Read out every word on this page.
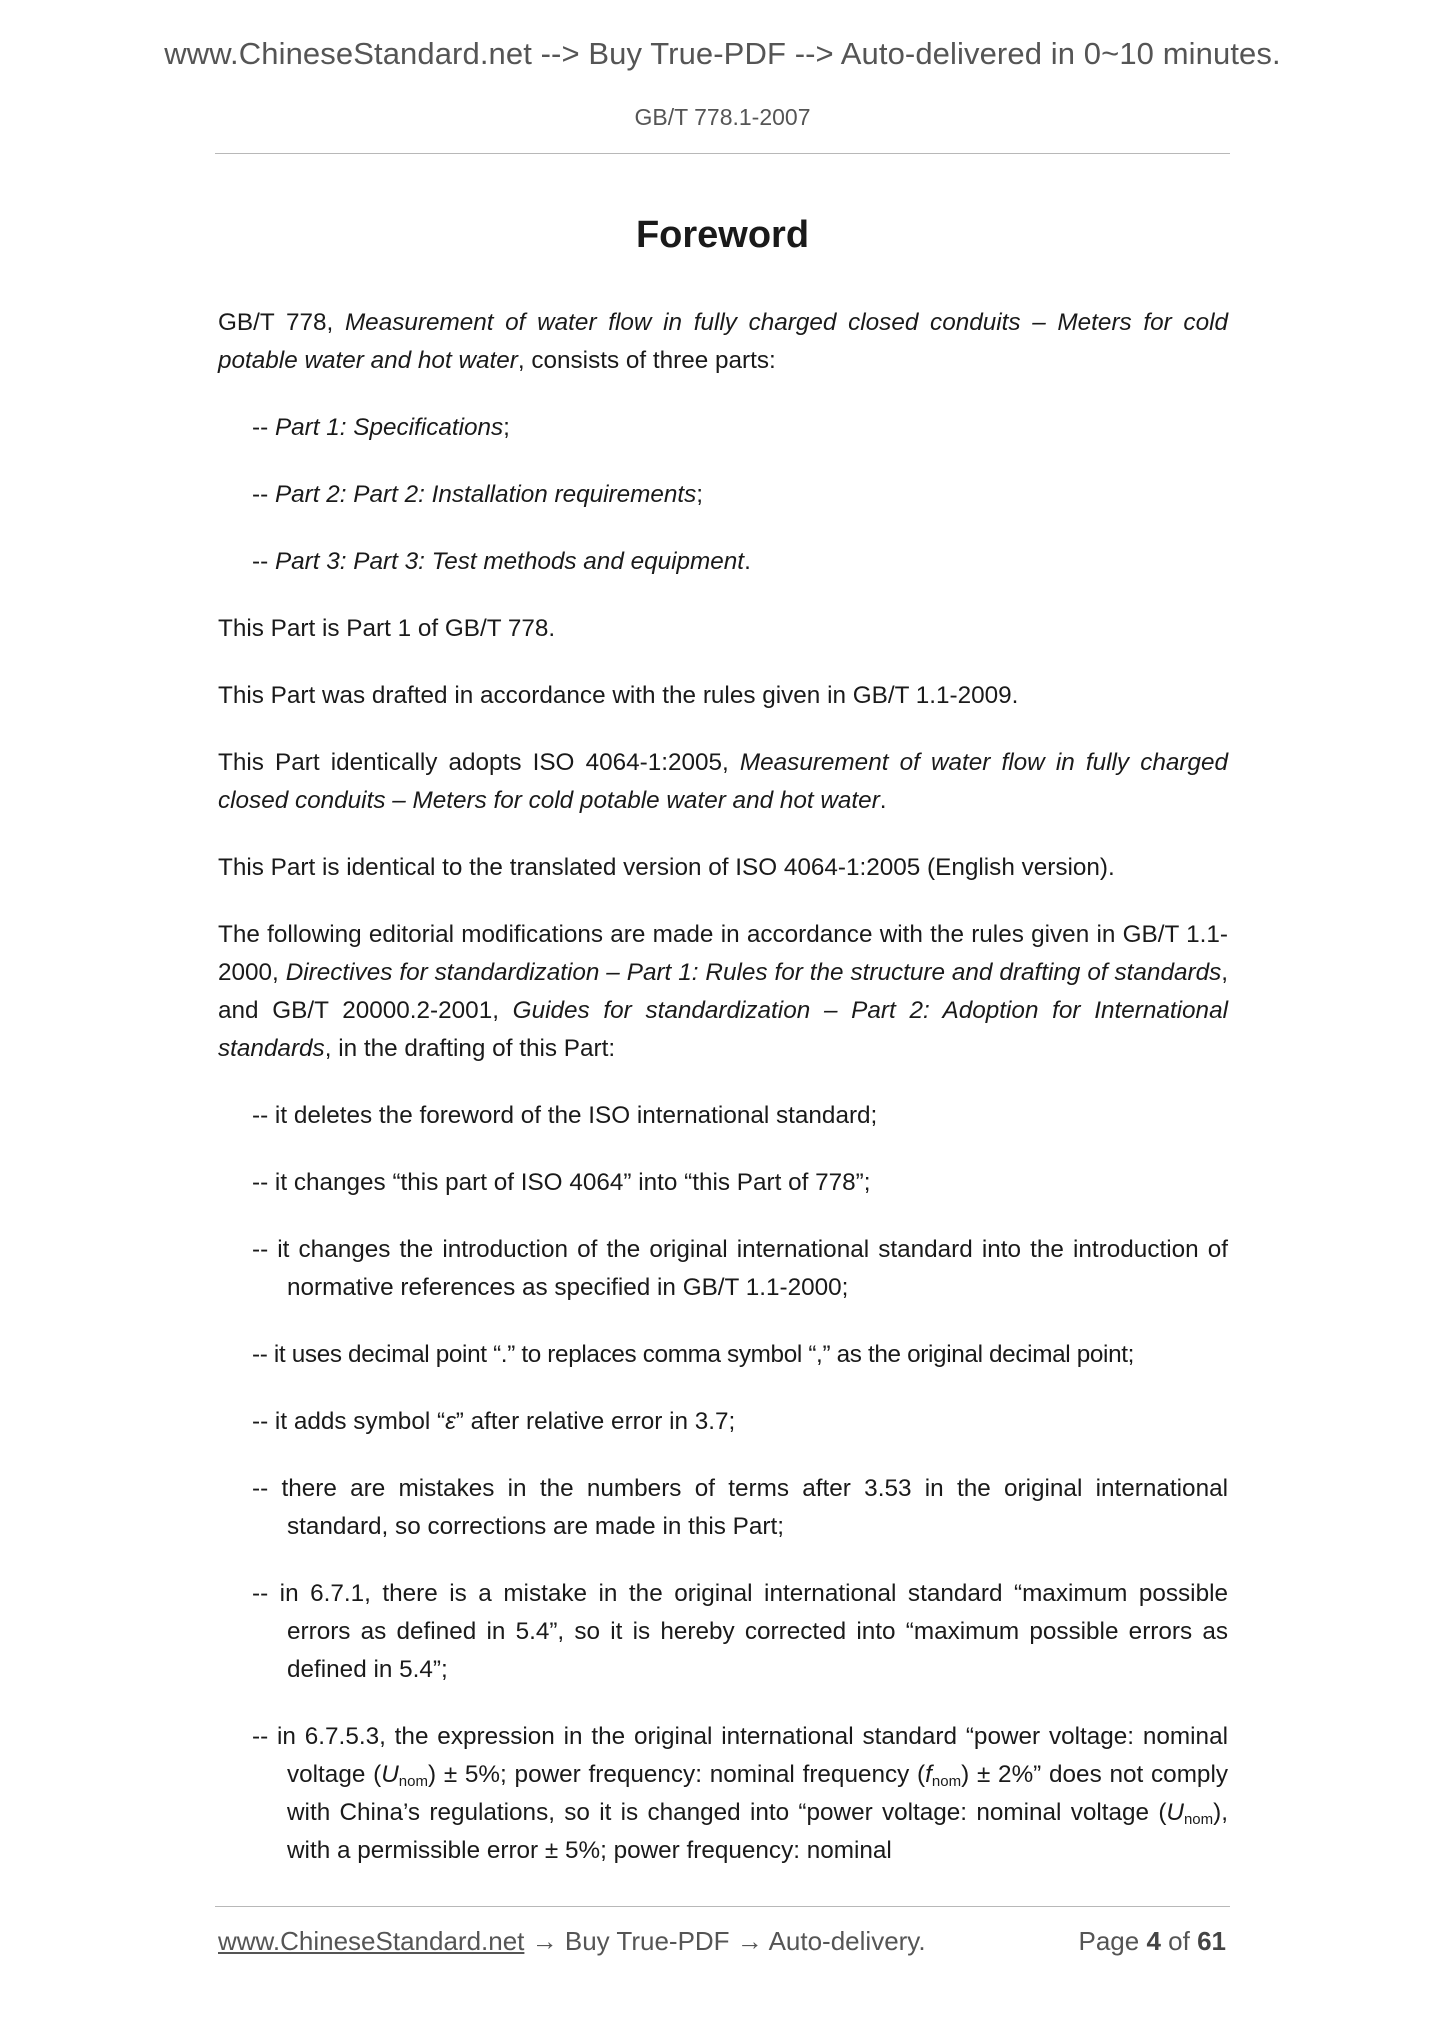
www.ChineseStandard.net --> Buy True-PDF --> Auto-delivered in 0~10 minutes.
GB/T 778.1-2007
Foreword
GB/T 778, Measurement of water flow in fully charged closed conduits – Meters for cold potable water and hot water, consists of three parts:
-- Part 1: Specifications;
-- Part 2: Part 2: Installation requirements;
-- Part 3: Part 3: Test methods and equipment.
This Part is Part 1 of GB/T 778.
This Part was drafted in accordance with the rules given in GB/T 1.1-2009.
This Part identically adopts ISO 4064-1:2005, Measurement of water flow in fully charged closed conduits – Meters for cold potable water and hot water.
This Part is identical to the translated version of ISO 4064-1:2005 (English version).
The following editorial modifications are made in accordance with the rules given in GB/T 1.1-2000, Directives for standardization – Part 1: Rules for the structure and drafting of standards, and GB/T 20000.2-2001, Guides for standardization – Part 2: Adoption for International standards, in the drafting of this Part:
-- it deletes the foreword of the ISO international standard;
-- it changes “this part of ISO 4064” into “this Part of 778”;
-- it changes the introduction of the original international standard into the introduction of normative references as specified in GB/T 1.1-2000;
-- it uses decimal point “.” to replaces comma symbol “,” as the original decimal point;
-- it adds symbol “ε” after relative error in 3.7;
-- there are mistakes in the numbers of terms after 3.53 in the original international standard, so corrections are made in this Part;
-- in 6.7.1, there is a mistake in the original international standard “maximum possible errors as defined in 5.4”, so it is hereby corrected into “maximum possible errors as defined in 5.4”;
-- in 6.7.5.3, the expression in the original international standard “power voltage: nominal voltage $(U_{nom}) \pm 5\%$; power frequency: nominal frequency $(f_{nom}) \pm 2\%$” does not comply with China’s regulations, so it is changed into “power voltage: nominal voltage $(U_{nom})$, with a permissible error ± 5%; power frequency: nominal
www.ChineseStandard.net → Buy True-PDF → Auto-delivery.	Page 4 of 61
